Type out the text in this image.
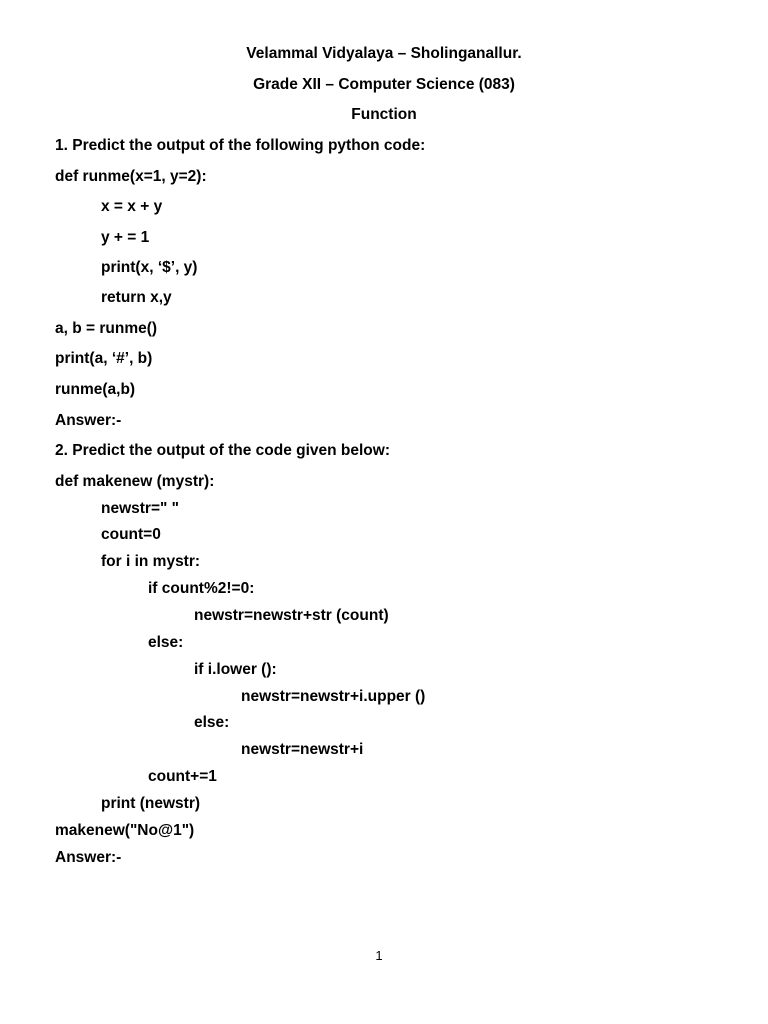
Velammal Vidyalaya – Sholinganallur.
Grade XII – Computer Science (083)
Function
1. Predict the output of the following python code:
def runme(x=1, y=2):
x = x + y
y + = 1
print(x, ‘$’, y)
return x,y
a, b = runme()
print(a, ‘#’, b)
runme(a,b)
Answer:-
2. Predict the output of the code given below:
def makenew (mystr):
newstr=" "
count=0
for i in mystr:
if count%2!=0:
newstr=newstr+str (count)
else:
if i.lower ():
newstr=newstr+i.upper ()
else:
newstr=newstr+i
count+=1
print (newstr)
makenew("No@1")
Answer:-
1
